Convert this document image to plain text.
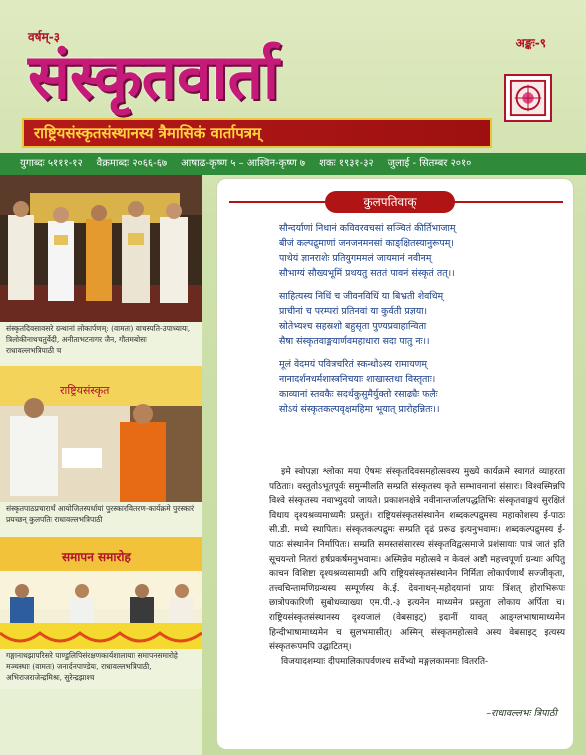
वर्षम्-३	अङ्कः-९
संस्कृतवार्ता
राष्ट्रियसंस्कृतसंस्थानस्य त्रैमासिकं वार्तापत्रम्
युगाब्दः ५१११-१२ वैक्रमाब्दः २०६६-६७ आषाढ-कृष्ण ५ – आश्विन-कृष्ण ७ शकः १९३१-३२ जुलाई - सितम्बर २०१०
संस्कृतदिवसावसरे ग्रन्थानां लोकार्पणम्: (वामतः) वाचस्पति-उपाध्यायः, त्रिलोकीनाथचतुर्वेदी, अनीताभटनागर जैन, गौतमबोसः राधावल्लभत्रिपाठी च
राष्ट्रियसंस्कृत
संस्कृतपाठप्रचारार्थं आयोजितस्पर्धायां पुरस्कारवितरण-कार्यक्रमे पुरस्कारं प्रयच्छन् कुलपतिः राधावल्लभत्रिपाठी
समापन समारोह
गङ्गानाथझापरिसरे पाण्डुलिपिसंरक्षणकार्यशालायाः समापनसमारोहे मञ्चस्थाः (वामतः) जनार्दनपाण्डेयः, राधावल्लभत्रिपाठी, अभिराजराजेन्द्रमिश्रः, सुरेन्द्रझाश्च
कुलपतिवाक्

सौन्दर्याणां निधानं कविवरवचसां सञ्चितं कीर्तिभाजाम्

बीजं कल्पद्रुमाणां जनजनमनसां काङ्क्षितस्यानुरूपम्।

पाथेयं ज्ञानराशेः प्रतियुगममलं जायमानं नवीनम्

सौभाग्यं सौख्यभूमिं प्रथयतु सततं पावनं संस्कृतं तत्।।

साहित्यस्य निधिं च जीवनविधिं या बिभ्रती शेवधिम्

प्राचीनां च परम्परां प्रतिनवां या कुर्वती प्रज्ञया।

स्रोतेभ्यश्च सहस्रशो बहुसृता पुण्यप्रवाहान्विता

सैषा संस्कृतवाङ्मयार्णवमहाधारा सदा पातु नः।।

मूलं वेदमयं पवित्रचरितं स्कन्धोऽस्य रामायणम्

नानादर्शनधर्मशास्त्रनिचयाः शाखास्तथा विस्तृताः।

काव्यानां स्तवकैः सदर्थकुसुमैर्युक्तो रसाढ्यैः फलैः

सोऽयं संस्कृतकल्पवृक्षमहिमा भूयात् प्रारोहन्नितः।।

इमे स्वोपज्ञा श्लोका मया ऐषमः संस्कृतदिवसमहोत्सवस्य मुख्ये कार्यक्रमे स्वागतं व्याहरता पठिताः। वस्तुतोऽभूतपूर्वः समुन्मीलति सम्प्रति संस्कृतस्य कृते सम्भावनानां संसारः। विश्वस्मिन्नपि विश्वे संस्कृतस्य नवाभ्युदयो जायते। प्रकाशनक्षेत्रे नवीनान्तर्जालपद्धतिभिः संस्कृतवाङ्मयं सुरक्षितं विधाय दृश्यश्रव्यमाध्यमैः प्रस्तुतं। राष्ट्रियसंस्कृतसंस्थानेन शब्दकल्पद्रुमस्य महाकोशस्य ई-पाठः सी.डी. मध्ये स्थापितः। संस्कृतकल्पद्रुमः सम्प्रति दृढं प्ररूढ इत्यनुभवामः। शब्दकल्पद्रुमस्य ई-पाठः संस्थानेन निर्मापितः। सम्प्रति समस्तसंसारस्य संस्कृतविद्वत्समाजे प्रशंसायाः पात्रं जातं इति सूचयन्तो नितरां हर्षप्रकर्षमनुभवामः। अस्मिन्नेव महोत्सवे न केवलं अष्टौ महत्त्वपूर्णा ग्रन्थाः अपितु काचन विशिष्टा दृश्यश्रव्यसामग्री अपि राष्ट्रियसंस्कृतसंस्थानेन निर्मिता लोकार्पणार्थं सज्जीकृता, तत्त्वचिन्तामणिग्रन्थस्य सम्पूर्णस्य के.ई. देवनाथन्-महोदयानां प्रायः त्रिंशत् होराभिरूपः छात्रोपकारिणी सुबोधव्याख्या एम.पी.-३ इत्यनेन माध्यमेन प्रस्तुता लोकाय अर्पिता च। राष्ट्रियसंस्कृतसंस्थानस्य दृश्यजालं (वेबसाइट्) इदानीं यावत् आङ्ग्लभाषामाध्यमेन हिन्दीभाषामाध्यमेन च सुलभमासीत्। अस्मिन् संस्कृतमहोत्सवे अस्य वेबसाइट् इत्यस्य संस्कृतरूपमपि उद्घाटितम्।
विजयादशम्याः दीपमालिकापर्वणश्च सर्वेभ्यो मङ्गलकामनाः वितरति-
–राधावल्लभः त्रिपाठी
